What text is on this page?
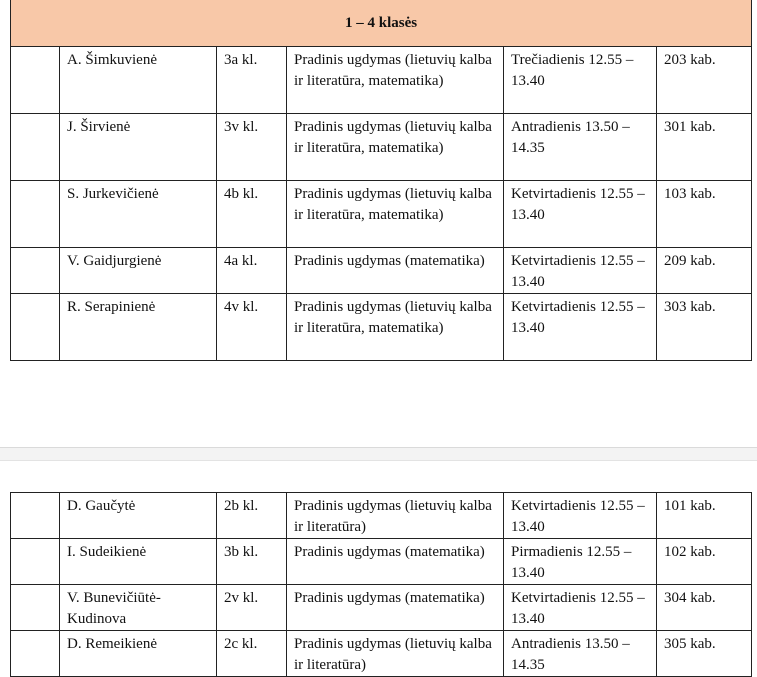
1 – 4 klasės					
	A. Šimkuvienė	3a kl.	Pradinis ugdymas (lietuvių kalba ir literatūra, matematika)	Trečiadienis 12.55 – 13.40	203 kab.
	J. Širvienė	3v kl.	Pradinis ugdymas (lietuvių kalba ir literatūra, matematika)	Antradienis 13.50 – 14.35	301 kab.
	S. Jurkevičienė	4b kl.	Pradinis ugdymas (lietuvių kalba ir literatūra, matematika)	Ketvirtadienis 12.55 – 13.40	103 kab.
	V. Gaidjurgienė	4a kl.	Pradinis ugdymas (matematika)	Ketvirtadienis 12.55 – 13.40	209 kab.
	R. Serapinienė	4v kl.	Pradinis ugdymas (lietuvių kalba ir literatūra, matematika)	Ketvirtadienis 12.55 – 13.40	303 kab.
	D. Gaučytė	2b kl.	Pradinis ugdymas (lietuvių kalba ir literatūra)	Ketvirtadienis 12.55 – 13.40	101 kab.
	I. Sudeikienė	3b kl.	Pradinis ugdymas (matematika)	Pirmadienis 12.55 – 13.40	102 kab.
	V. Bunevičiūtė-Kudinova	2v kl.	Pradinis ugdymas (matematika)	Ketvirtadienis 12.55 – 13.40	304 kab.
	D. Remeikienė	2c kl.	Pradinis ugdymas (lietuvių kalba ir literatūra)	Antradienis 13.50 – 14.35	305 kab.
